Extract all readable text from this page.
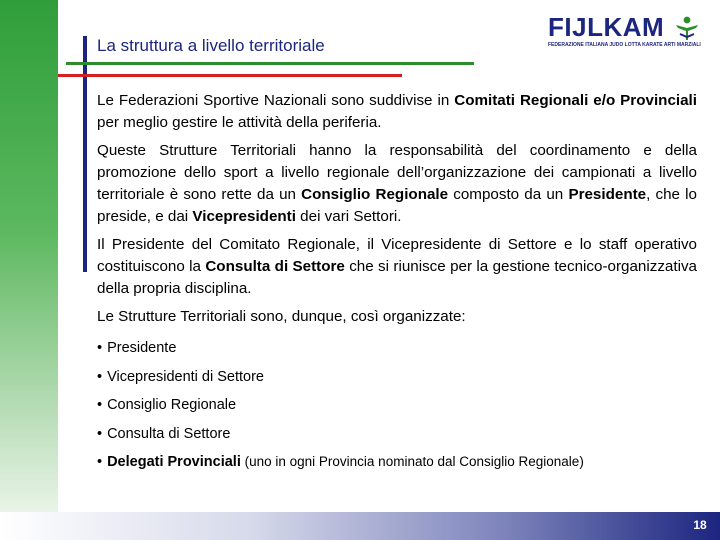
18
La struttura a livello territoriale
FIJLKAM
FEDERAZIONE ITALIANA JUDO LOTTA KARATE ARTI MARZIALI

Le Federazioni Sportive Nazionali sono suddivise in Comitati Regionali e/o Provinciali per meglio gestire le attività della periferia.

Queste Strutture Territoriali hanno la responsabilità del coordinamento e della promozione dello sport a livello regionale dell’organizzazione dei campionati a livello territoriale è sono rette da un Consiglio Regionale composto da un Presidente, che lo preside, e dai Vicepresidenti dei vari Settori.

Il Presidente del Comitato Regionale, il Vicepresidente di Settore e lo staff operativo costituiscono la Consulta di Settore che si riunisce per la gestione tecnico-organizzativa della propria disciplina.

Le Strutture Territoriali sono, dunque, così organizzate:

• Presidente
• Vicepresidenti di Settore
• Consiglio Regionale
• Consulta di Settore
• Delegati Provinciali (uno in ogni Provincia nominato dal Consiglio Regionale)
